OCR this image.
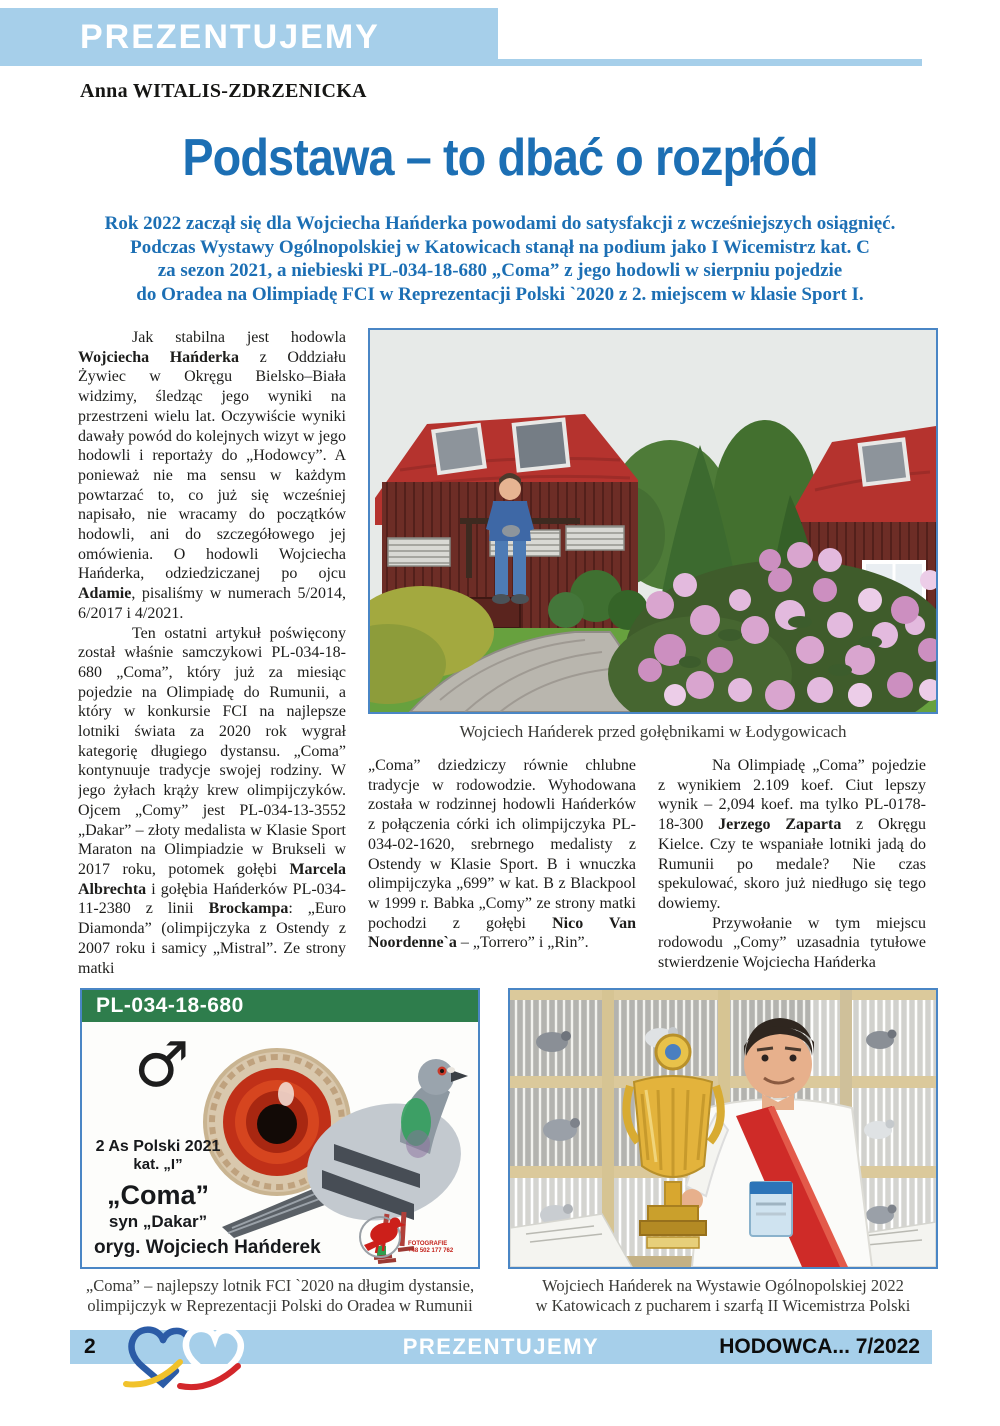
PREZENTUJEMY
Anna WITALIS-ZDRZENICKA
Podstawa – to dbać o rozpłód
Rok 2022 zaczął się dla Wojciecha Hańderka powodami do satysfakcji z wcześniejszych osiągnięć.
Podczas Wystawy Ogólnopolskiej w Katowicach stanął na podium jako I Wicemistrz kat. C
za sezon 2021, a niebieski PL-034-18-680 „Coma” z jego hodowli w sierpniu pojedzie
do Oradea na Olimpiadę FCI w Reprezentacji Polski `2020 z 2. miejscem w klasie Sport I.

Jak stabilna jest hodowla Wojciecha Hańderka z Oddziału Żywiec w Okręgu Bielsko–Biała widzimy, śledząc jego wyniki na przestrzeni wielu lat. Oczywiście wyniki dawały powód do kolejnych wizyt w jego hodowli i reportaży do „Hodowcy”. A ponieważ nie ma sensu w każdym powtarzać to, co już się wcześniej napisało, nie wracamy do początków hodowli, ani do szczegółowego jej omówienia. O hodowli Wojciecha Hańderka, odziedziczanej po ojcu Adamie, pisaliśmy w numerach 5/2014, 6/2017 i 4/2021.

Ten ostatni artykuł poświęcony został właśnie samczykowi PL-034-18-680 „Coma”, który już za miesiąc pojedzie na Olimpiadę do Rumunii, a który w konkursie FCI na najlepsze lotniki świata za 2020 rok wygrał kategorię długiego dystansu. „Coma” kontynuuje tradycje swojej rodziny. W jego żyłach krąży krew olimpijczyków. Ojcem „Comy” jest PL-034-13-3552 „Dakar” – złoty medalista w Klasie Sport Maraton na Olimpiadzie w Brukseli w 2017 roku, potomek gołębi Marcela Albrechta i gołębia Hańderków PL-034-11-2380 z linii Brockampa: „Euro Diamonda” (olimpijczyka z Ostendy z 2007 roku i samicy „Mistral”. Ze strony matki

„Coma” dziedziczy równie chlubne tradycje w rodowodzie. Wyhodowana została w rodzinnej hodowli Hańderków z połączenia córki ich olimpijczyka PL-034-02-1620, srebrnego medalisty z Ostendy w Klasie Sport. B i wnuczka olimpijczyka „699” w kat. B z Blackpool w 1999 r. Babka „Comy” ze strony matki pochodzi z gołębi Nico Van Noordenne`a – „Torrero” i „Rin”.

Na Olimpiadę „Coma” pojedzie z wynikiem 2.109 koef. Ciut lepszy wynik – 2,094 koef. ma tylko PL-0178-18-300 Jerzego Zaparta z Okręgu Kielce. Czy te wspaniałe lotniki jadą do Rumunii po medale? Nie czas spekulować, skoro już niedługo się tego dowiemy.

Przywołanie w tym miejscu rodowodu „Comy” uzasadnia tytułowe stwierdzenie Wojciecha Hańderka

Wojciech Hańderek przed gołębnikami w Łodygowicach
PL-034-18-680
♂
2 As Polski 2021
kat. „I”
„Coma”
syn „Dakar”
oryg. Wojciech Hańderek	FOTOGRAFIE
+48 502 177 762
„Coma” – najlepszy lotnik FCI `2020 na długim dystansie,
olimpijczyk w Reprezentacji Polski do Oradea w Rumunii
Wojciech Hańderek na Wystawie Ogólnopolskiej 2022
w Katowicach z pucharem i szarfą II Wicemistrza Polski
2	PREZENTUJEMY	HODOWCA... 7/2022
